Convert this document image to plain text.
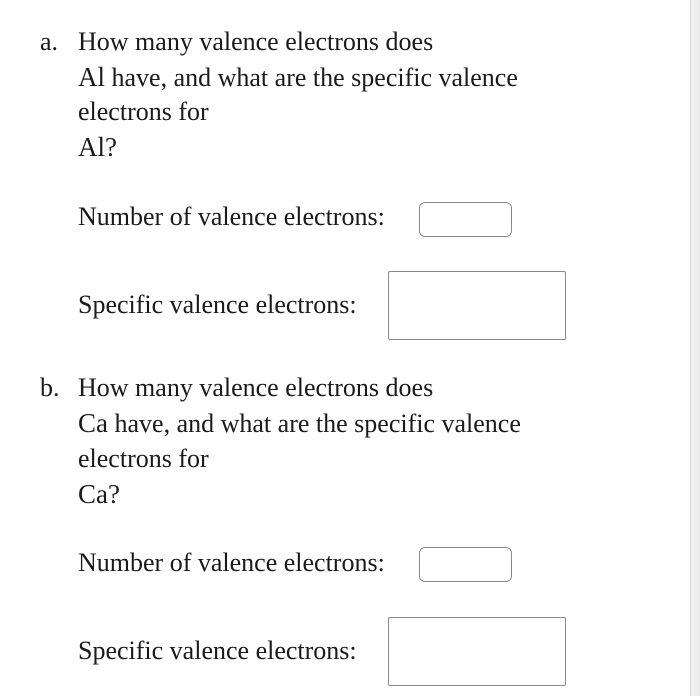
a. How many valence electrons does
Al have, and what are the specific valence
electrons for
Al?
Number of valence electrons:
Specific valence electrons:
b. How many valence electrons does
Ca have, and what are the specific valence
electrons for
Ca?
Number of valence electrons:
Specific valence electrons:
